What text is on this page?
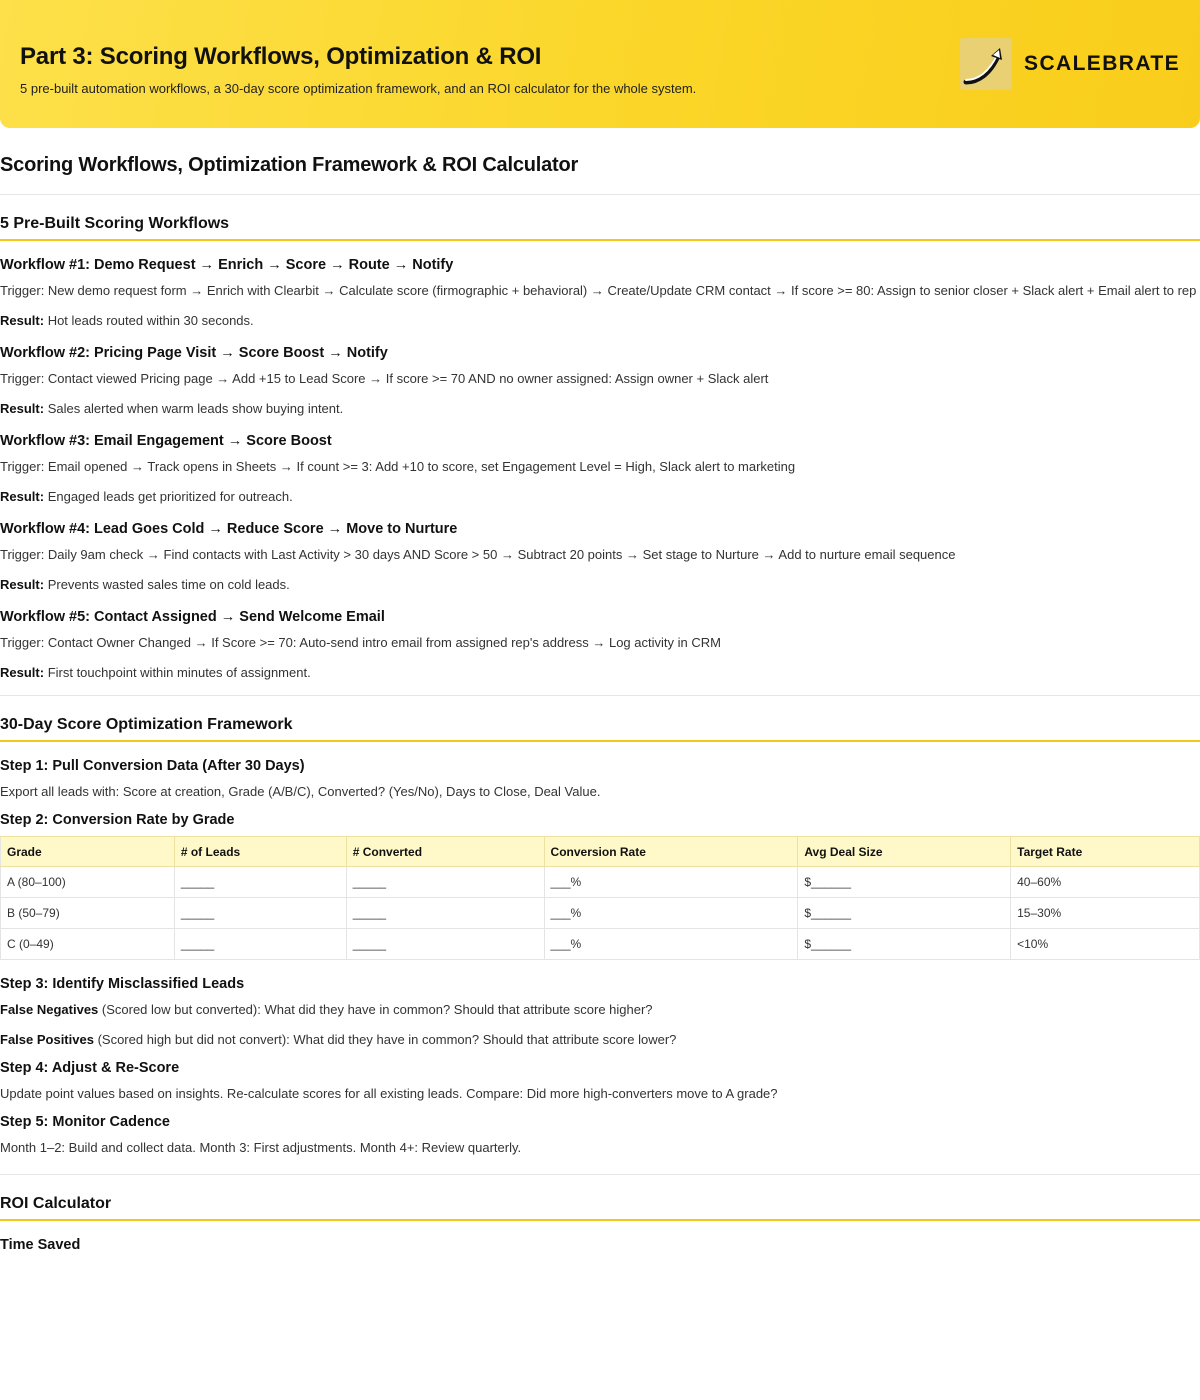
Part 3: Scoring Workflows, Optimization & ROI
5 pre-built automation workflows, a 30-day score optimization framework, and an ROI calculator for the whole system.
SCALEBRATE
Scoring Workflows, Optimization Framework & ROI Calculator
5 Pre-Built Scoring Workflows
Workflow #1: Demo Request → Enrich → Score → Route → Notify

Trigger: New demo request form → Enrich with Clearbit → Calculate score (firmographic + behavioral) → Create/Update CRM contact → If score >= 80: Assign to senior closer + Slack alert + Email alert to rep

Result: Hot leads routed within 30 seconds.

Workflow #2: Pricing Page Visit → Score Boost → Notify

Trigger: Contact viewed Pricing page → Add +15 to Lead Score → If score >= 70 AND no owner assigned: Assign owner + Slack alert

Result: Sales alerted when warm leads show buying intent.

Workflow #3: Email Engagement → Score Boost

Trigger: Email opened → Track opens in Sheets → If count >= 3: Add +10 to score, set Engagement Level = High, Slack alert to marketing

Result: Engaged leads get prioritized for outreach.

Workflow #4: Lead Goes Cold → Reduce Score → Move to Nurture

Trigger: Daily 9am check → Find contacts with Last Activity > 30 days AND Score > 50 → Subtract 20 points → Set stage to Nurture → Add to nurture email sequence

Result: Prevents wasted sales time on cold leads.

Workflow #5: Contact Assigned → Send Welcome Email

Trigger: Contact Owner Changed → If Score >= 70: Auto-send intro email from assigned rep's address → Log activity in CRM

Result: First touchpoint within minutes of assignment.

30-Day Score Optimization Framework
Step 1: Pull Conversion Data (After 30 Days)

Export all leads with: Score at creation, Grade (A/B/C), Converted? (Yes/No), Days to Close, Deal Value.

Step 2: Conversion Rate by Grade
Grade	# of Leads	# Converted	Conversion Rate	Avg Deal Size	Target Rate
A (80–100)	_____	_____	___%	$______	40–60%
B (50–79)	_____	_____	___%	$______	15–30%
C (0–49)	_____	_____	___%	$______	<10%
Step 3: Identify Misclassified Leads

False Negatives (Scored low but converted): What did they have in common? Should that attribute score higher?

False Positives (Scored high but did not convert): What did they have in common? Should that attribute score lower?

Step 4: Adjust & Re-Score

Update point values based on insights. Re-calculate scores for all existing leads. Compare: Did more high-converters move to A grade?

Step 5: Monitor Cadence

Month 1–2: Build and collect data. Month 3: First adjustments. Month 4+: Review quarterly.

ROI Calculator
Time Saved
